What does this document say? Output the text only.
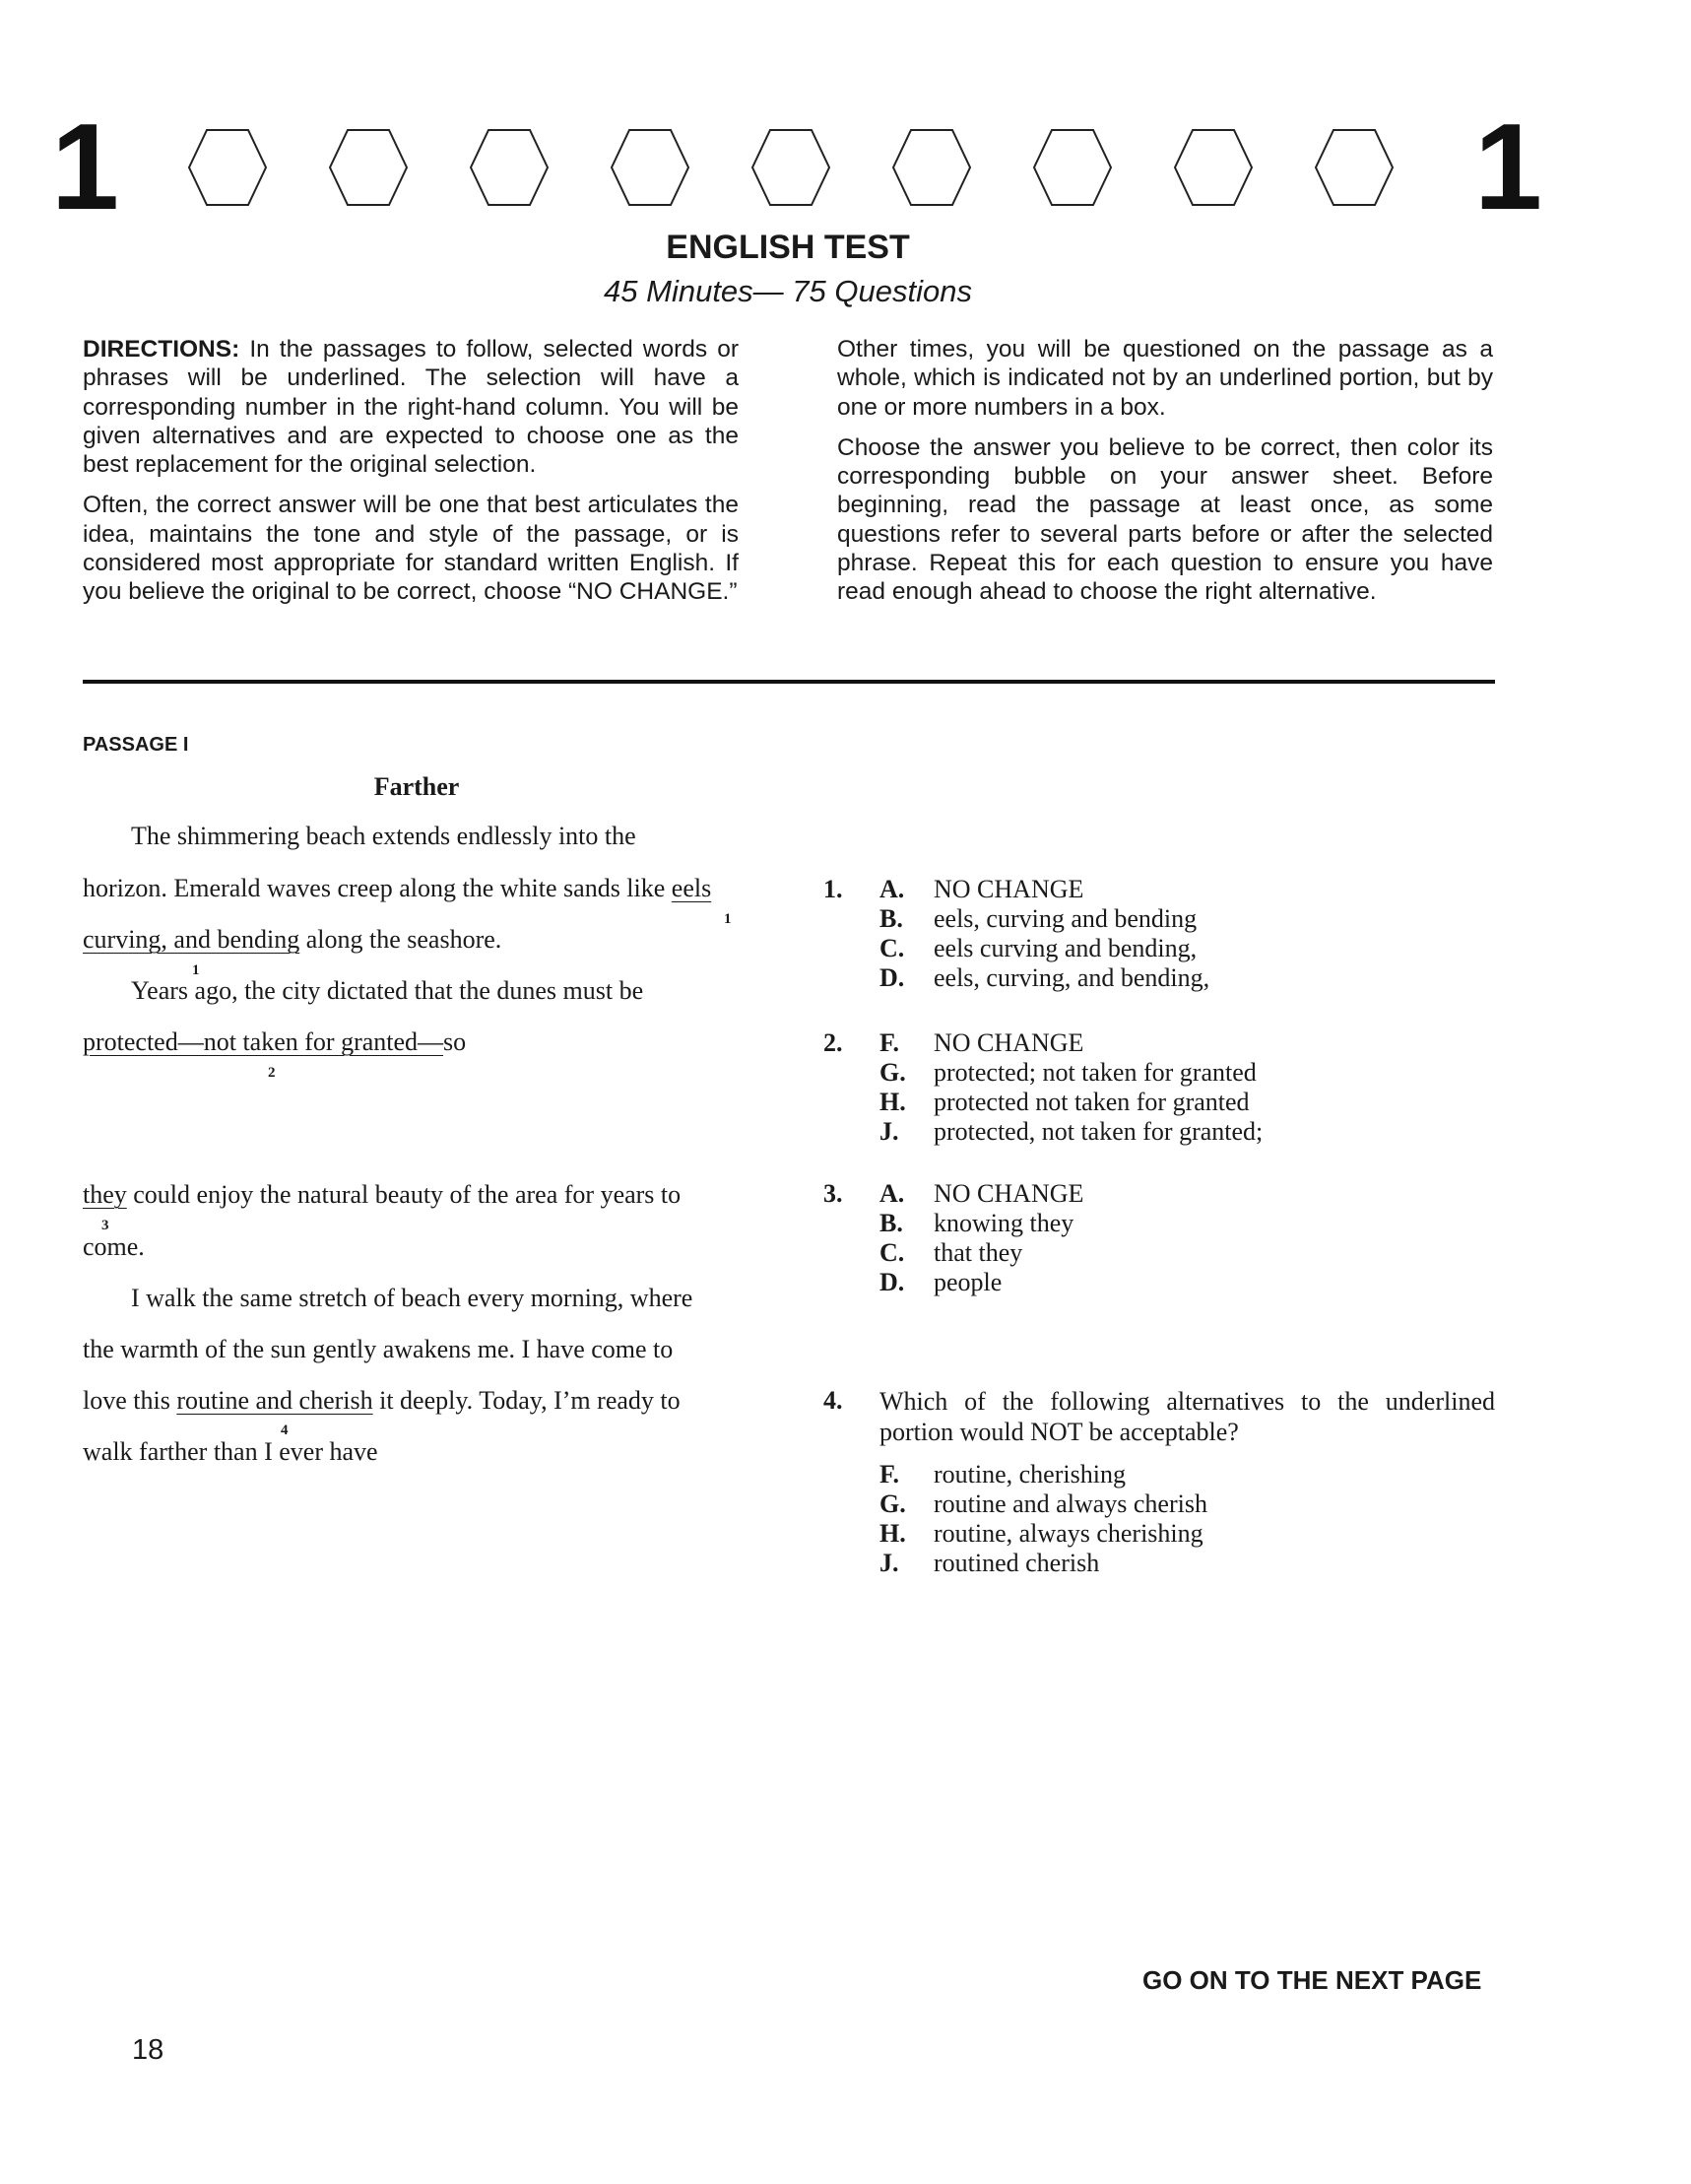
1	1
ENGLISH TEST
45 Minutes— 75 Questions

DIRECTIONS: In the passages to follow, selected words or phrases will be underlined. The selection will have a corresponding number in the right-hand column. You will be given alternatives and are expected to choose one as the best replacement for the original selection.

Often, the correct answer will be one that best articulates the idea, maintains the tone and style of the passage, or is considered most appropriate for standard written English. If you believe the original to be correct, choose “NO CHANGE.”

Other times, you will be questioned on the passage as a whole, which is indicated not by an underlined portion, but by one or more numbers in a box.

Choose the answer you believe to be correct, then color its corresponding bubble on your answer sheet. Before beginning, read the passage at least once, as some questions refer to several parts before or after the selected phrase. Repeat this for each question to ensure you have read enough ahead to choose the right alternative.

PASSAGE I
Farther
The shimmering beach extends endlessly into the
horizon. Emerald waves creep along the white sands like eels
1
curving, and bending along the seashore.
1
Years ago, the city dictated that the dunes must be
protected—not taken for granted—so
2
they could enjoy the natural beauty of the area for years to
3
come.
I walk the same stretch of beach every morning, where
the warmth of the sun gently awakens me. I have come to
love this routine and cherish it deeply. Today, I’m ready to
4
walk farther than I ever have
1. A. NO CHANGE
B. eels, curving and bending
C. eels curving and bending,
D. eels, curving, and bending,
2. F.	NO CHANGE
G. protected; not taken for granted
H. protected not taken for granted
J.	protected, not taken for granted;
3. A. NO CHANGE
B. knowing they
C. that they
D. people
4. Which of the following alternatives to the underlined portion would NOT be acceptable?
F.	routine, cherishing
G. routine and always cherish
H. routine, always cherishing
J.	routined cherish
GO ON TO THE NEXT PAGE
18
